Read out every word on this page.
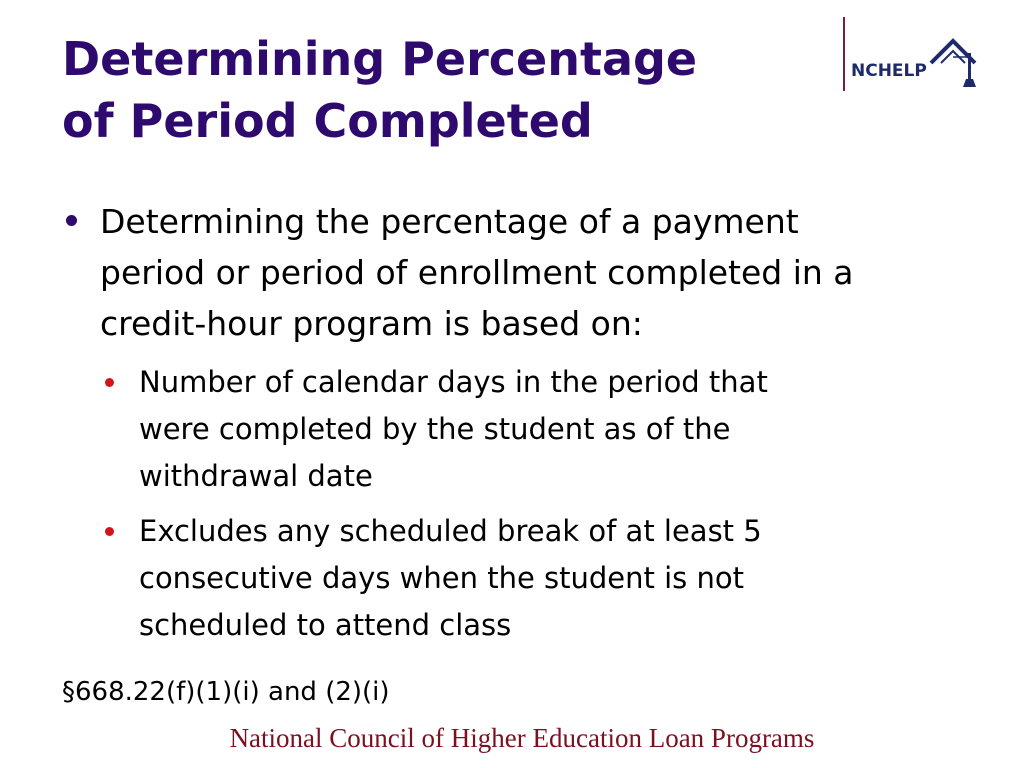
Determining Percentage
of Period Completed
NCHELP
Determining the percentage of a payment
period or period of enrollment completed in a
credit-hour program is based on:
Number of calendar days in the period that
were completed by the student as of the
withdrawal date
Excludes any scheduled break of at least 5
consecutive days when the student is not
scheduled to attend class
§668.22(f)(1)(i) and (2)(i)
National Council of Higher Education Loan Programs
